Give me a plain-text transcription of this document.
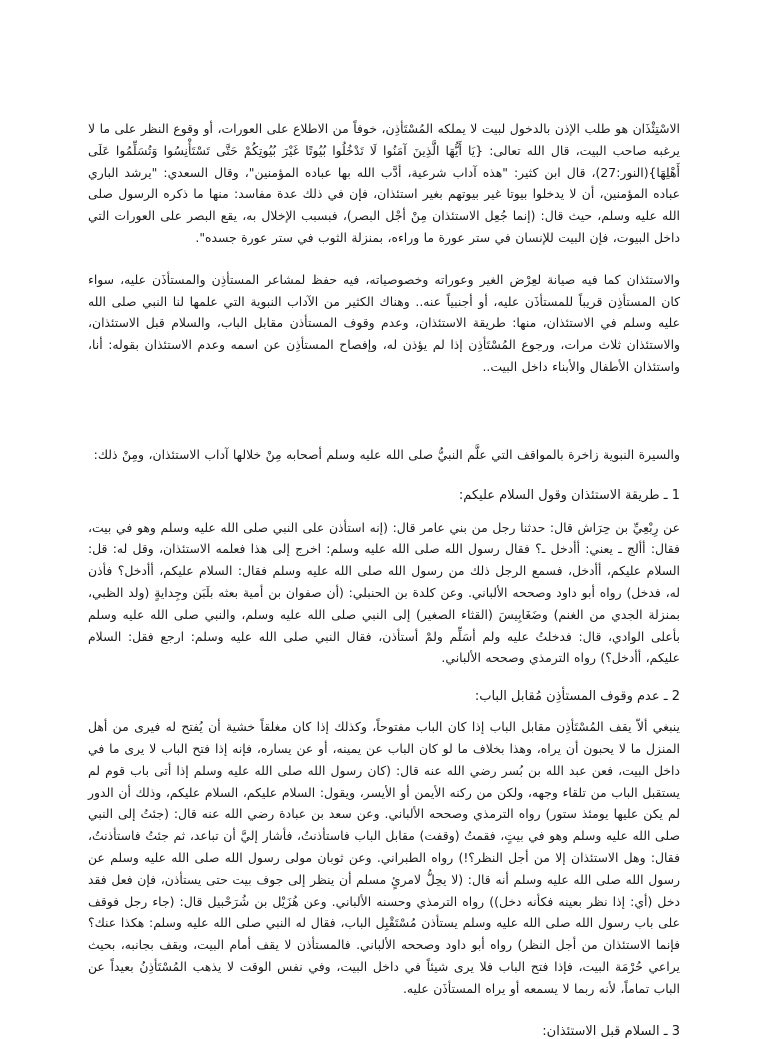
الاسْتِئْذَان هو طلب الإذن بالدخول لبيت لا يملكه المُسْتَأذِن، خوفاً من الاطلاع على العورات، أو وقوع النظر على ما لا يرغبه صاحب البيت، قال الله تعالى: {يَا أَيُّهَا الَّذِينَ آمَنُوا لَا تَدْخُلُوا بُيُوتًا غَيْرَ بُيُوتِكُمْ حَتَّى تَسْتَأْنِسُوا وَتُسَلِّمُوا عَلَى أَهْلِهَا}(النور:27)، قال ابن كثير: "هذه آداب شرعية، أدَّب الله بها عباده المؤمنين"، وقال السعدي: "يرشد الباري عباده المؤمنين، أن لا يدخلوا بيوتا غير بيوتهم بغير استئذان، فإن في ذلك عدة مفاسد: منها ما ذكره الرسول صلى الله عليه وسلم، حيث قال: (إنما جُعِل الاستئذان مِنْ أجْل البصر)، فبسبب الإخلال به، يقع البصر على العورات التي داخل البيوت، فإن البيت للإنسان في ستر عورة ما وراءه، بمنزلة الثوب في ستر عورة جسده".

والاستئذان كما فيه صيانة لعِرْض الغير وعوراته وخصوصياته، فيه حفظ لمشاعر المستأذِن والمستأذَن عليه، سواء كان المستأذِن قريباً للمستأذَن عليه، أو أجنبياً عنه.. وهناك الكثير من الآداب النبوية التي علمها لنا النبي صلى الله عليه وسلم في الاستئذان، منها: طريقة الاستئذان، وعدم وقوف المستأذن مقابل الباب، والسلام قبل الاستئذان، والاستئذان ثلاث مرات، ورجوع المُسْتَأذِن إذا لم يؤذن له، وإفصاح المستأذِن عن اسمه وعدم الاستئذان بقوله: أنا، واستئذان الأطفال والأبناء داخل البيت..

والسيرة النبوية زاخرة بالمواقف التي علَّم النبيُّ صلى الله عليه وسلم أصحابه مِنْ خلالها آداب الاستئذان، ومِنْ ذلك:

1 ـ طريقة الاستئذان وقول السلام عليكم:

عن رِبْعِيِّ بن حِرَاش قال: حدثنا رجل من بني عامر قال: (إنه استأذن على النبي صلى الله عليه وسلم وهو في بيت، فقال: أألج ـ يعني: أأدخل ـ؟ فقال رسول الله صلى الله عليه وسلم: اخرج إلى هذا فعلمه الاستئذان، وقل له: قل: السلام عليكم، أأدخل، فسمع الرجل ذلك من رسول الله صلى الله عليه وسلم فقال: السلام عليكم، أأدخل؟ فأذن له، فدخل) رواه أبو داود وصححه الألباني. وعن كلدة بن الحنبلي: (أن صفوان بن أمية بعثه بلَبَن وجِدايةٍ (ولد الظبي، بمنزلة الجدي من الغنم) وضَغَابِيسَ (القثاء الصغير) إلى النبي صلى الله عليه وسلم، والنبي صلى الله عليه وسلم بأعلى الوادي، قال: فدخلتُ عليه ولم أسَلِّم ولمْ أستأذن، فقال النبي صلى الله عليه وسلم: ارجع فقل: السلام عليكم، أأدخل؟) رواه الترمذي وصححه الألباني.

2 ـ عدم وقوف المستأذِن مُقابل الباب:

ينبغي ألاّ يقف المُسْتَأذِن مقابل الباب إذا كان الباب مفتوحاً، وكذلك إذا كان مغلقاً خشية أن يُفتح له فيرى من أهل المنزل ما لا يحبون أن يراه، وهذا بخلاف ما لو كان الباب عن يمينه، أو عن يساره، فإنه إذا فتح الباب لا يرى ما في داخل البيت، فعن عبد الله بن بُسر رضي الله عنه قال: (كان رسول الله صلى الله عليه وسلم إذا أتى باب قوم لم يستقبل الباب من تلقاء وجهه، ولكن من ركنه الأيمن أو الأيسر، ويقول: السلام عليكم، السلام عليكم، وذلك أن الدور لم يكن عليها يومئذ ستور) رواه الترمذي وصححه الألباني. وعن سعد بن عبادة رضي الله عنه قال: (جئتُ إلى النبي صلى الله عليه وسلم وهو في بيتٍ، فقمتُ (وقفت) مقابل الباب فاستأذنتُ، فأشار إليَّ أن تباعد، ثم جئتُ فاستأذنتُ، فقال: وهل الاستئذان إلا من أجل النظر؟!) رواه الطبراني. وعن ثوبان مولى رسول الله صلى الله عليه وسلم عن رسول الله صلى الله عليه وسلم أنه قال: (لا يحِلُّ لامرئٍ مسلم أن ينظر إلى جوف بيت حتى يستأذن، فإن فعل فقد دخل (أي: إذا نظر بعينه فكأنه دخل)) رواه الترمذي وحسنه الألباني. وعن هُزَيْل بن شُرَحْبيل قال: (جاء رجل فوقف على باب رسول الله صلى الله عليه وسلم يستأذن مُسْتَقْبِل الباب، فقال له النبي صلى الله عليه وسلم: هكذا عنك؟ فإنما الاستئذان من أجل النظر) رواه أبو داود وصححه الألباني. فالمستأذن لا يقف أمام البيت، ويقف بجانبه، بحيث يراعي حُرْمَة البيت، فإذا فتح الباب فلا يرى شيئاً في داخل البيت، وفي نفس الوقت لا يذهب المُسْتَأذِنُ بعيداً عن الباب تماماً، لأنه ربما لا يسمعه أو يراه المستأذَن عليه.

3 ـ السلام قبل الاستئذان:
